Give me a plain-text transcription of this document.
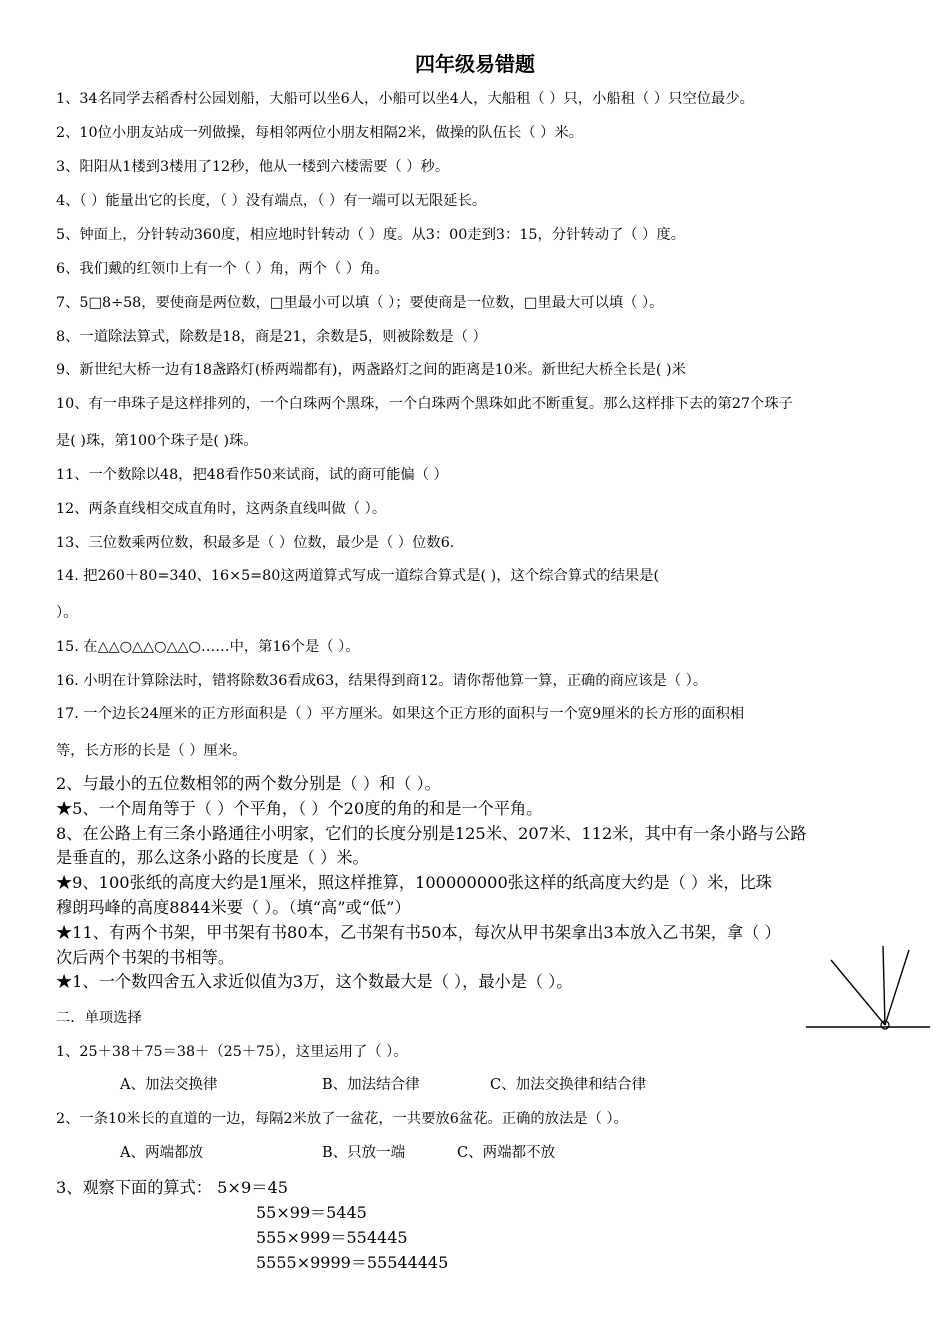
四年级易错题
1、34名同学去稻香村公园划船，大船可以坐6人，小船可以坐4人，大船租（ ）只，小船租（ ）只空位最少。
2、10位小朋友站成一列做操，每相邻两位小朋友相隔2米，做操的队伍长（ ）米。
3、阳阳从1楼到3楼用了12秒，他从一楼到六楼需要（ ）秒。
4、（ ）能量出它的长度，（ ）没有端点，（ ）有一端可以无限延长。
5、钟面上，分针转动360度，相应地时针转动（ ）度。从3：00走到3：15，分针转动了（ ）度。
6、我们戴的红领巾上有一个（ ）角，两个（ ）角。
7、5□8÷58，要使商是两位数，□里最小可以填（ ）；要使商是一位数，□里最大可以填（ ）。
8、一道除法算式，除数是18，商是21，余数是5，则被除数是（ ）
9、新世纪大桥一边有18盏路灯(桥两端都有)，两盏路灯之间的距离是10米。新世纪大桥全长是( )米
10、有一串珠子是这样排列的，一个白珠两个黑珠，一个白珠两个黑珠如此不断重复。那么这样排下去的第27个珠子
是( )珠，第100个珠子是( )珠。
11、一个数除以48，把48看作50来试商，试的商可能偏（ ）
12、两条直线相交成直角时，这两条直线叫做（ ）。
13、三位数乘两位数，积最多是（ ）位数，最少是（ ）位数6.
14. 把260＋80=340、16×5=80这两道算式写成一道综合算式是( )，这个综合算式的结果是(
）。
15. 在△△○△△○△△○……中，第16个是（ ）。
16. 小明在计算除法时，错将除数36看成63，结果得到商12。请你帮他算一算，正确的商应该是（ ）。
17. 一个边长24厘米的正方形面积是（ ）平方厘米。如果这个正方形的面积与一个宽9厘米的长方形的面积相
等，长方形的长是（ ）厘米。
2、与最小的五位数相邻的两个数分别是（ ）和（ ）。
★5、一个周角等于（ ）个平角，（ ）个20度的角的和是一个平角。
8、在公路上有三条小路通往小明家，它们的长度分别是125米、207米、112米，其中有一条小路与公路
是垂直的，那么这条小路的长度是（ ）米。
★9、100张纸的高度大约是1厘米，照这样推算，100000000张这样的纸高度大约是（ ）米，比珠
穆朗玛峰的高度8844米要（ ）。（填“高”或“低”）
★11、有两个书架，甲书架有书80本，乙书架有书50本，每次从甲书架拿出3本放入乙书架，拿（ ）
次后两个书架的书相等。
★1、一个数四舍五入求近似值为3万，这个数最大是（ ），最小是（ ）。
二．单项选择
1、25＋38＋75＝38＋（25＋75），这里运用了（ ）。
A、加法交换律	B、加法结合律	C、加法交换律和结合律
2、一条10米长的直道的一边，每隔2米放了一盆花，一共要放6盆花。正确的放法是（ ）。
A、两端都放	B、只放一端	C、两端都不放
3、观察下面的算式： 5×9＝45
55×99＝5445
555×999＝554445
5555×9999＝55544445
